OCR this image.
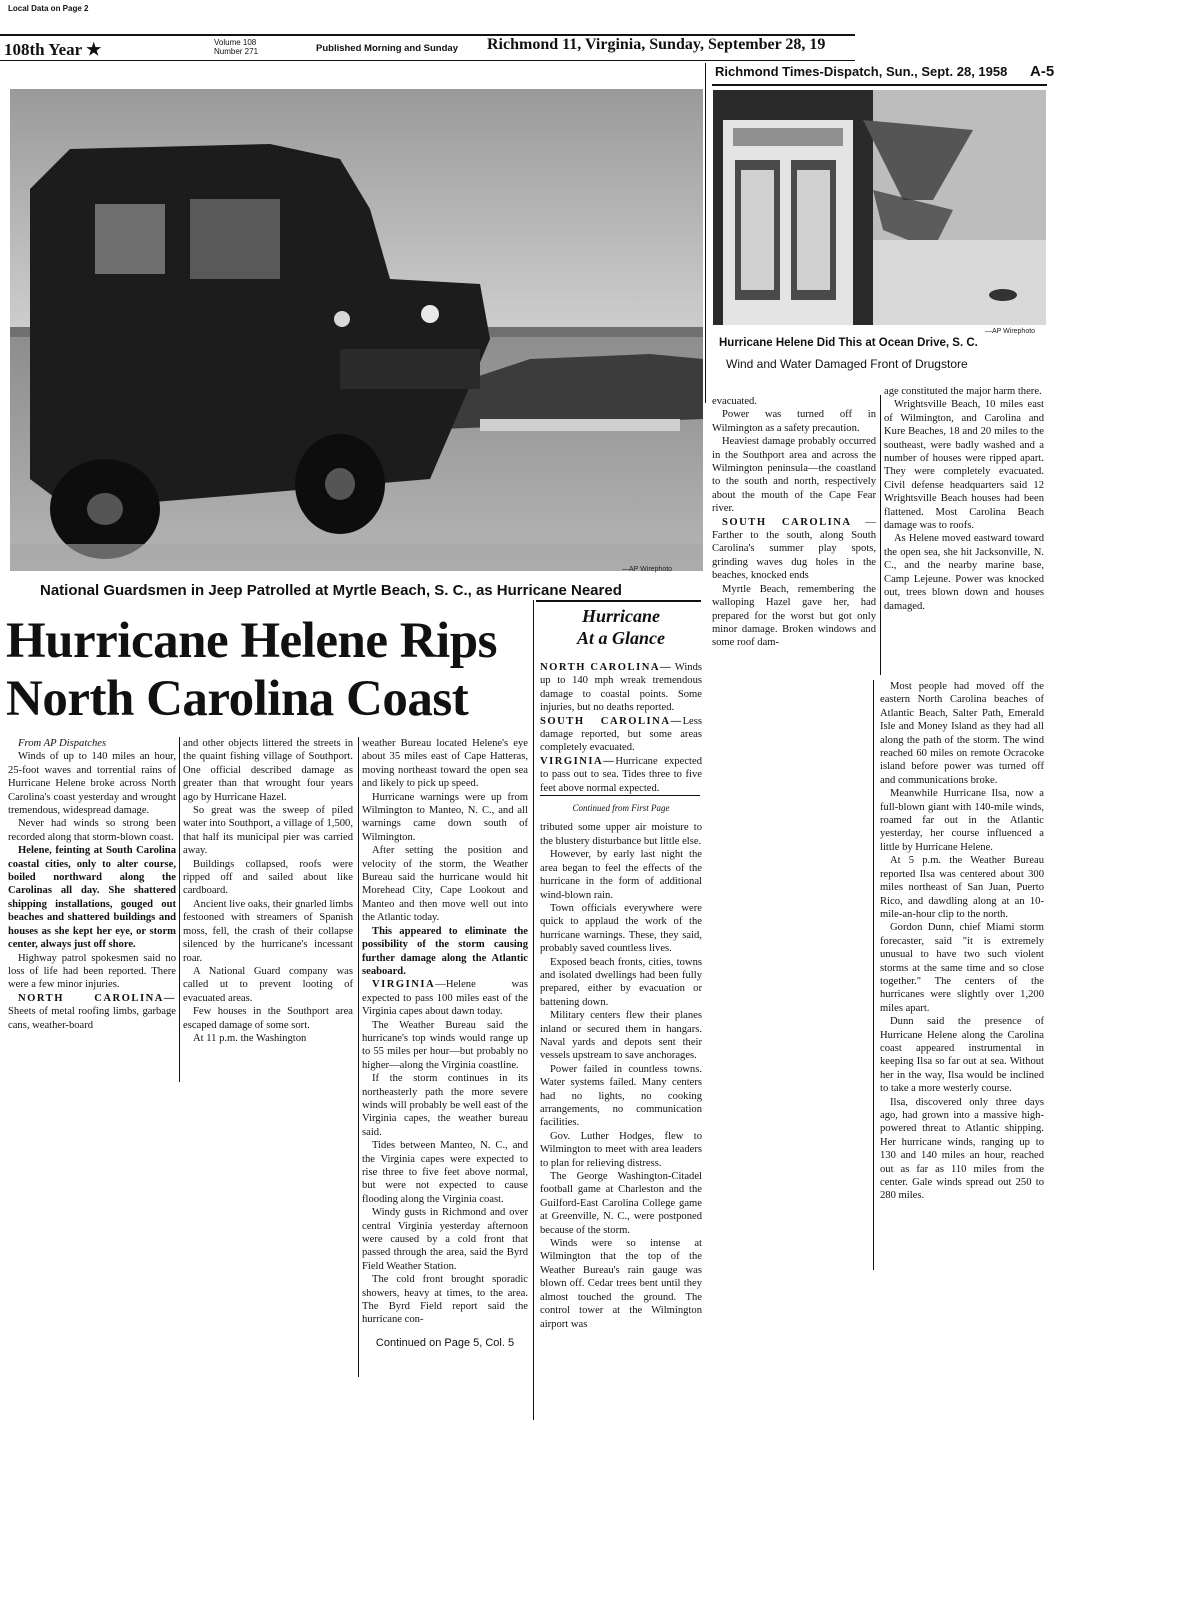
Local Data on Page 2
108th Year ★	Volume 108
Number 271	Published Morning and Sunday Richmond 11, Virginia, Sunday, September 28, 19
—AP Wirephoto
National Guardsmen in Jeep Patrolled at Myrtle Beach, S. C., as Hurricane Neared
Richmond Times-Dispatch, Sun., Sept. 28, 1958 A-5
—AP Wirephoto
Hurricane Helene Did This at Ocean Drive, S. C.
Wind and Water Damaged Front of Drugstore
Hurricane Helene Rips
North Carolina Coast

From AP Dispatches

Winds of up to 140 miles an hour, 25-foot waves and torrential rains of Hurricane Helene broke across North Carolina's coast yesterday and wrought tremendous, widespread damage.

Never had winds so strong been recorded along that storm-blown coast.

Helene, feinting at South Carolina coastal cities, only to alter course, boiled northward along the Carolinas all day. She shattered shipping installations, gouged out beaches and shattered buildings and houses as she kept her eye, or storm center, always just off shore.

Highway patrol spokesmen said no loss of life had been reported. There were a few minor injuries.

NORTH CAROLINA— Sheets of metal roofing limbs, garbage cans, weather-board

and other objects littered the streets in the quaint fishing village of Southport. One official described damage as greater than that wrought four years ago by Hurricane Hazel.

So great was the sweep of piled water into Southport, a village of 1,500, that half its municipal pier was carried away.

Buildings collapsed, roofs were ripped off and sailed about like cardboard.

Ancient live oaks, their gnarled limbs festooned with streamers of Spanish moss, fell, the crash of their collapse silenced by the hurricane's incessant roar.

A National Guard company was called ut to prevent looting of evacuated areas.

Few houses in the Southport area escaped damage of some sort.

At 11 p.m. the Washington

weather Bureau located Helene's eye about 35 miles east of Cape Hatteras, moving northeast toward the open sea and likely to pick up speed.

Hurricane warnings were up from Wilmington to Manteo, N. C., and all warnings came down south of Wilmington.

After setting the position and velocity of the storm, the Weather Bureau said the hurricane would hit Morehead City, Cape Lookout and Manteo and then move well out into the Atlantic today.

This appeared to eliminate the possibility of the storm causing further damage along the Atlantic seaboard.

VIRGINIA—Helene was expected to pass 100 miles east of the Virginia capes about dawn today.

The Weather Bureau said the hurricane's top winds would range up to 55 miles per hour—but probably no higher—along the Virginia coastline.

If the storm continues in its northeasterly path the more severe winds will probably be well east of the Virginia capes, the weather bureau said.

Tides between Manteo, N. C., and the Virginia capes were expected to rise three to five feet above normal, but were not expected to cause flooding along the Virginia coast.

Windy gusts in Richmond and over central Virginia yesterday afternoon were caused by a cold front that passed through the area, said the Byrd Field Weather Station.

The cold front brought sporadic showers, heavy at times, to the area. The Byrd Field report said the hurricane con-

Continued on Page 5, Col. 5

Hurricane
At a Glance

NORTH CAROLINA— Winds up to 140 mph wreak tremendous damage to coastal points. Some injuries, but no deaths reported.

SOUTH CAROLINA—Less damage reported, but some areas completely evacuated.

VIRGINIA—Hurricane expected to pass out to sea. Tides three to five feet above normal expected.

Continued from First Page

tributed some upper air moisture to the blustery disturbance but little else.

However, by early last night the area began to feel the effects of the hurricane in the form of additional wind-blown rain.

Town officials everywhere were quick to applaud the work of the hurricane warnings. These, they said, probably saved countless lives.

Exposed beach fronts, cities, towns and isolated dwellings had been fully prepared, either by evacuation or battening down.

Military centers flew their planes inland or secured them in hangars. Naval yards and depots sent their vessels upstream to save anchorages.

Power failed in countless towns. Water systems failed. Many centers had no lights, no cooking arrangements, no communication facilities.

Gov. Luther Hodges, flew to Wilmington to meet with area leaders to plan for relieving distress.

The George Washington-Citadel football game at Charleston and the Guilford-East Carolina College game at Greenville, N. C., were postponed because of the storm.

Winds were so intense at Wilmington that the top of the Weather Bureau's rain gauge was blown off. Cedar trees bent until they almost touched the ground. The control tower at the Wilmington airport was

evacuated.

Power was turned off in Wilmington as a safety precaution.

Heaviest damage probably occurred in the Southport area and across the Wilmington peninsula—the coastland to the south and north, respectively about the mouth of the Cape Fear river.

SOUTH CAROLINA — Farther to the south, along South Carolina's summer play spots, grinding waves dug holes in the beaches, knocked ends

Myrtle Beach, remembering the walloping Hazel gave her, had prepared for the worst but got only minor damage. Broken windows and some roof dam-

age constituted the major harm there.

Wrightsville Beach, 10 miles east of Wilmington, and Carolina and Kure Beaches, 18 and 20 miles to the southeast, were badly washed and a number of houses were ripped apart. They were completely evacuated. Civil defense headquarters said 12 Wrightsville Beach houses had been flattened. Most Carolina Beach damage was to roofs.

As Helene moved eastward toward the open sea, she hit Jacksonville, N. C., and the nearby marine base, Camp Lejeune. Power was knocked out, trees blown down and houses damaged.

Most people had moved off the eastern North Carolina beaches of Atlantic Beach, Salter Path, Emerald Isle and Money Island as they had all along the path of the storm. The wind reached 60 miles on remote Ocracoke island before power was turned off and communications broke.

Meanwhile Hurricane Ilsa, now a full-blown giant with 140-mile winds, roamed far out in the Atlantic yesterday, her course influenced a little by Hurricane Helene.

At 5 p.m. the Weather Bureau reported Ilsa was centered about 300 miles northeast of San Juan, Puerto Rico, and dawdling along at an 10-mile-an-hour clip to the north.

Gordon Dunn, chief Miami storm forecaster, said "it is extremely unusual to have two such violent storms at the same time and so close together." The centers of the hurricanes were slightly over 1,200 miles apart.

Dunn said the presence of Hurricane Helene along the Carolina coast appeared instrumental in keeping Ilsa so far out at sea. Without her in the way, Ilsa would be inclined to take a more westerly course.

Ilsa, discovered only three days ago, had grown into a massive high-powered threat to Atlantic shipping. Her hurricane winds, ranging up to 130 and 140 miles an hour, reached out as far as 110 miles from the center. Gale winds spread out 250 to 280 miles.
